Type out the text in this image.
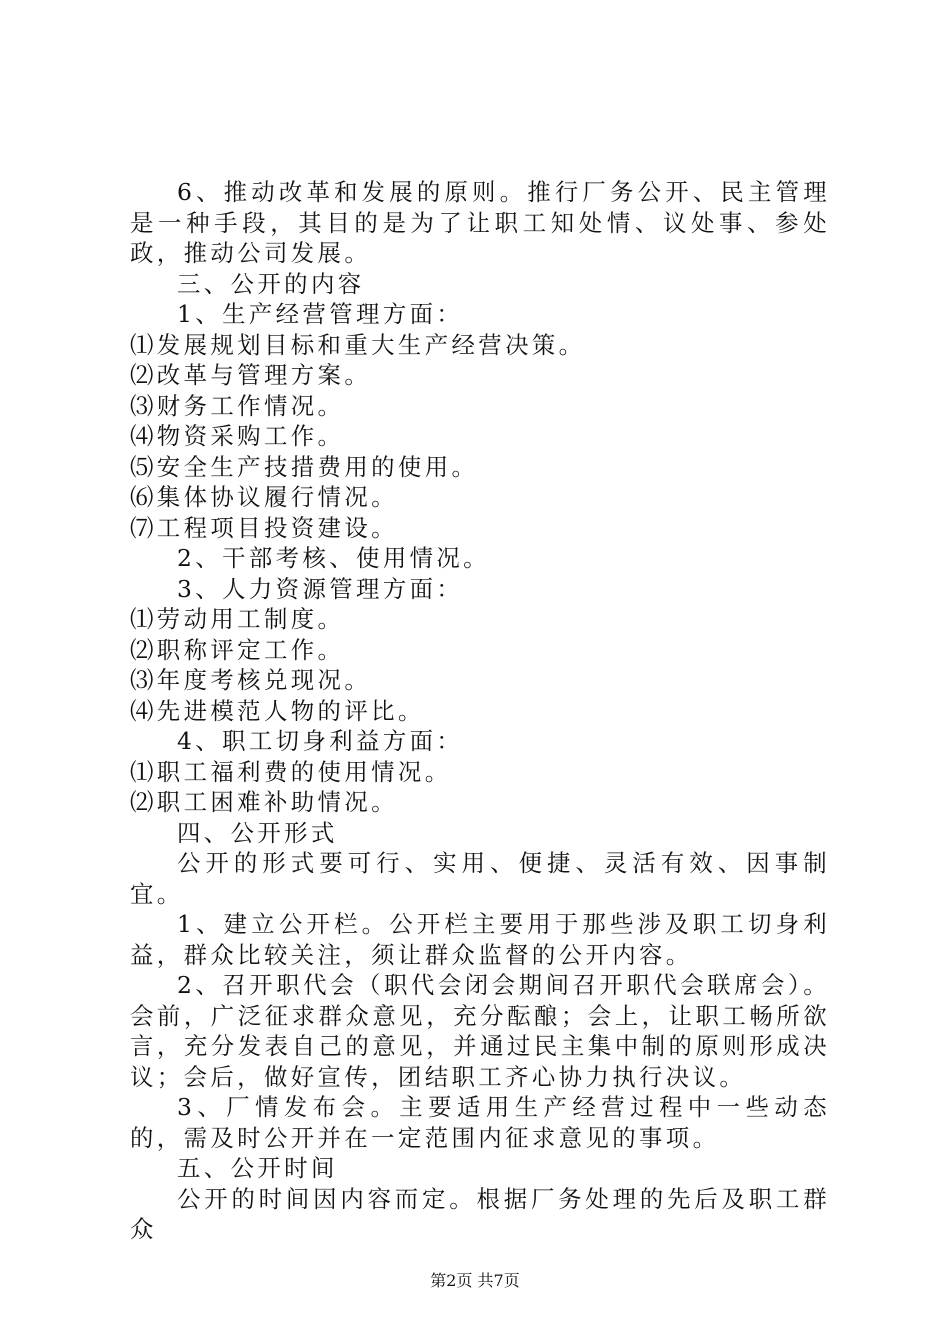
6、推动改革和发展的原则。推行厂务公开、民主管理是一种手段，其目的是为了让职工知处情、议处事、参处政，推动公司发展。

三、公开的内容

1、生产经营管理方面：

⑴发展规划目标和重大生产经营决策。

⑵改革与管理方案。

⑶财务工作情况。

⑷物资采购工作。

⑸安全生产技措费用的使用。

⑹集体协议履行情况。

⑺工程项目投资建设。

2、干部考核、使用情况。

3、人力资源管理方面：

⑴劳动用工制度。

⑵职称评定工作。

⑶年度考核兑现况。

⑷先进模范人物的评比。

4、职工切身利益方面：

⑴职工福利费的使用情况。

⑵职工困难补助情况。

四、公开形式

公开的形式要可行、实用、便捷、灵活有效、因事制宜。

1、建立公开栏。公开栏主要用于那些涉及职工切身利益，群众比较关注，须让群众监督的公开内容。

2、召开职代会（职代会闭会期间召开职代会联席会）。会前，广泛征求群众意见，充分酝酿；会上，让职工畅所欲言，充分发表自己的意见，并通过民主集中制的原则形成决议；会后，做好宣传，团结职工齐心协力执行决议。

3、厂情发布会。主要适用生产经营过程中一些动态的，需及时公开并在一定范围内征求意见的事项。

五、公开时间

公开的时间因内容而定。根据厂务处理的先后及职工群众

第2页 共7页
